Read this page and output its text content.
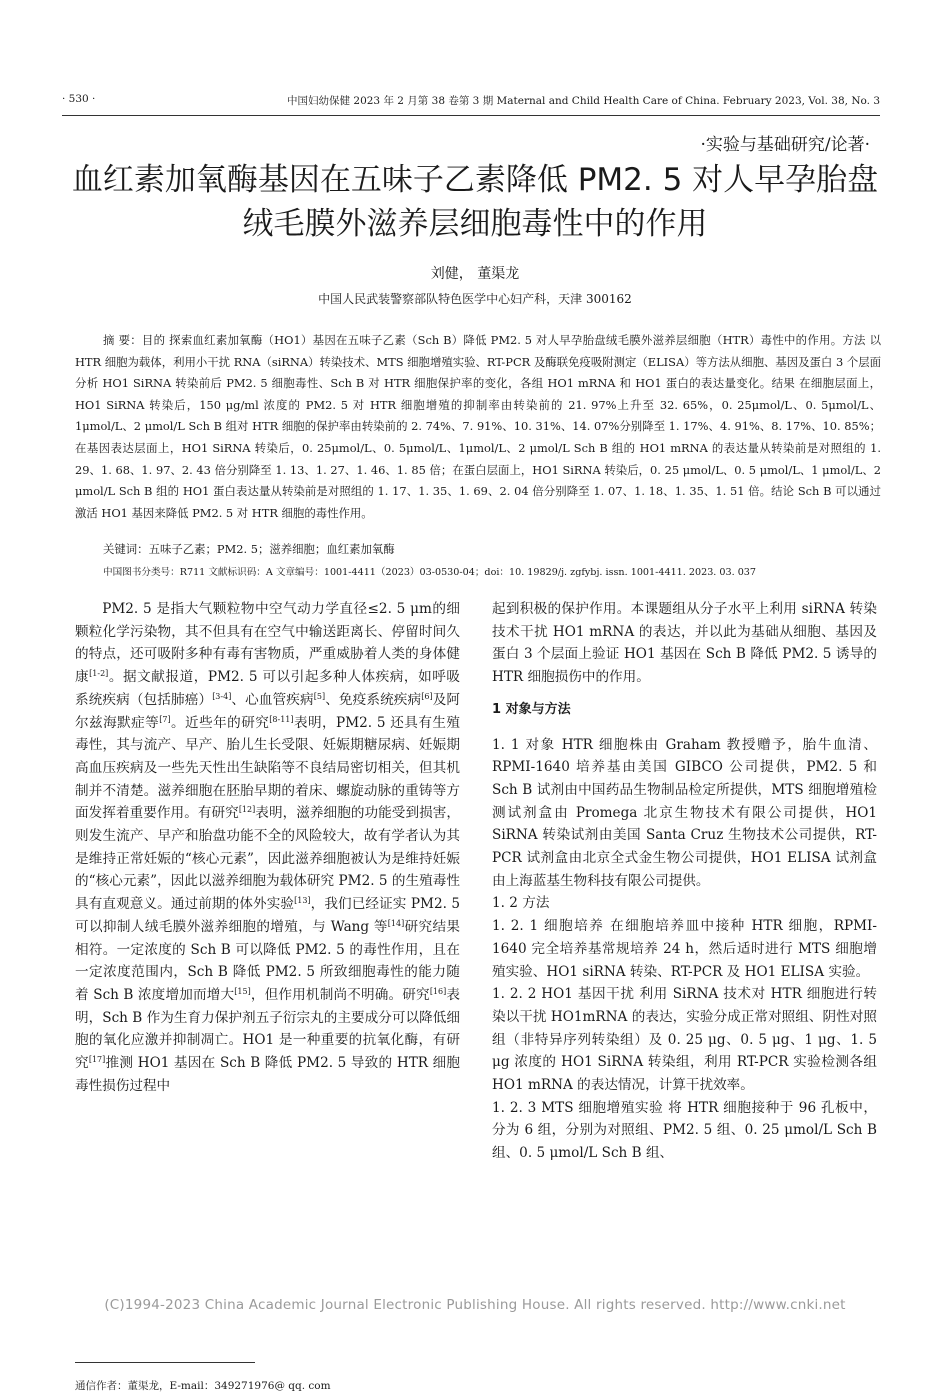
· 530 ·	中国妇幼保健 2023 年 2 月第 38 卷第 3 期 Maternal and Child Health Care of China. February 2023, Vol. 38, No. 3
·实验与基础研究/论著·
血红素加氧酶基因在五味子乙素降低 PM2. 5 对人早孕胎盘绒毛膜外滋养层细胞毒性中的作用
刘健， 董渠龙
中国人民武装警察部队特色医学中心妇产科，天津 300162
摘 要：目的 探索血红素加氧酶（HO1）基因在五味子乙素（Sch B）降低 PM2. 5 对人早孕胎盘绒毛膜外滋养层细胞（HTR）毒性中的作用。方法 以 HTR 细胞为载体，利用小干扰 RNA（siRNA）转染技术、MTS 细胞增殖实验、RT-PCR 及酶联免疫吸附测定（ELISA）等方法从细胞、基因及蛋白 3 个层面分析 HO1 SiRNA 转染前后 PM2. 5 细胞毒性、Sch B 对 HTR 细胞保护率的变化，各组 HO1 mRNA 和 HO1 蛋白的表达量变化。结果 在细胞层面上，HO1 SiRNA 转染后，150 μg/ml 浓度的 PM2. 5 对 HTR 细胞增殖的抑制率由转染前的 21. 97%上升至 32. 65%，0. 25μmol/L、0. 5μmol/L、1μmol/L、2 μmol/L Sch B 组对 HTR 细胞的保护率由转染前的 2. 74%、7. 91%、10. 31%、14. 07%分别降至 1. 17%、4. 91%、8. 17%、10. 85%；在基因表达层面上，HO1 SiRNA 转染后，0. 25μmol/L、0. 5μmol/L、1μmol/L、2 μmol/L Sch B 组的 HO1 mRNA 的表达量从转染前是对照组的 1. 29、1. 68、1. 97、2. 43 倍分别降至 1. 13、1. 27、1. 46、1. 85 倍；在蛋白层面上，HO1 SiRNA 转染后，0. 25 μmol/L、0. 5 μmol/L、1 μmol/L、2 μmol/L Sch B 组的 HO1 蛋白表达量从转染前是对照组的 1. 17、1. 35、1. 69、2. 04 倍分别降至 1. 07、1. 18、1. 35、1. 51 倍。结论 Sch B 可以通过激活 HO1 基因来降低 PM2. 5 对 HTR 细胞的毒性作用。
关键词：五味子乙素；PM2. 5；滋养细胞；血红素加氧酶
中国图书分类号：R711 文献标识码：A 文章编号：1001-4411（2023）03-0530-04；doi：10. 19829/j. zgfybj. issn. 1001-4411. 2023. 03. 037

PM2. 5 是指大气颗粒物中空气动力学直径≤2. 5 μm的细颗粒化学污染物，其不但具有在空气中输送距离长、停留时间久的特点，还可吸附多种有毒有害物质，严重威胁着人类的身体健康[1-2]。据文献报道，PM2. 5 可以引起多种人体疾病，如呼吸系统疾病（包括肺癌）[3-4]、心血管疾病[5]、免疫系统疾病[6]及阿尔兹海默症等[7]。近些年的研究[8-11]表明，PM2. 5 还具有生殖毒性，其与流产、早产、胎儿生长受限、妊娠期糖尿病、妊娠期高血压疾病及一些先天性出生缺陷等不良结局密切相关，但其机制并不清楚。滋养细胞在胚胎早期的着床、螺旋动脉的重铸等方面发挥着重要作用。有研究[12]表明，滋养细胞的功能受到损害，则发生流产、早产和胎盘功能不全的风险较大，故有学者认为其是维持正常妊娠的“核心元素”，因此滋养细胞被认为是维持妊娠的“核心元素”，因此以滋养细胞为载体研究 PM2. 5 的生殖毒性具有直观意义。通过前期的体外实验[13]，我们已经证实 PM2. 5 可以抑制人绒毛膜外滋养细胞的增殖，与 Wang 等[14]研究结果相符。一定浓度的 Sch B 可以降低 PM2. 5 的毒性作用，且在一定浓度范围内，Sch B 降低 PM2. 5 所致细胞毒性的能力随着 Sch B 浓度增加而增大[15]，但作用机制尚不明确。研究[16]表明，Sch B 作为生育力保护剂五子衍宗丸的主要成分可以降低细胞的氧化应激并抑制凋亡。HO1 是一种重要的抗氧化酶，有研究[17]推测 HO1 基因在 Sch B 降低 PM2. 5 导致的 HTR 细胞毒性损伤过程中

起到积极的保护作用。本课题组从分子水平上利用 siRNA 转染技术干扰 HO1 mRNA 的表达，并以此为基础从细胞、基因及蛋白 3 个层面上验证 HO1 基因在 Sch B 降低 PM2. 5 诱导的 HTR 细胞损伤中的作用。

1 对象与方法

1. 1 对象 HTR 细胞株由 Graham 教授赠予，胎牛血清、RPMI-1640 培养基由美国 GIBCO 公司提供，PM2. 5 和 Sch B 试剂由中国药品生物制品检定所提供，MTS 细胞增殖检测试剂盒由 Promega 北京生物技术有限公司提供，HO1 SiRNA 转染试剂由美国 Santa Cruz 生物技术公司提供，RT-PCR 试剂盒由北京全式金生物公司提供，HO1 ELISA 试剂盒由上海蓝基生物科技有限公司提供。

1. 2 方法

1. 2. 1 细胞培养 在细胞培养皿中接种 HTR 细胞，RPMI-1640 完全培养基常规培养 24 h，然后适时进行 MTS 细胞增殖实验、HO1 siRNA 转染、RT-PCR 及 HO1 ELISA 实验。

1. 2. 2 HO1 基因干扰 利用 SiRNA 技术对 HTR 细胞进行转染以干扰 HO1mRNA 的表达，实验分成正常对照组、阴性对照组（非特异序列转染组）及 0. 25 μg、0. 5 μg、1 μg、1. 5 μg 浓度的 HO1 SiRNA 转染组，利用 RT-PCR 实验检测各组 HO1 mRNA 的表达情况，计算干扰效率。

1. 2. 3 MTS 细胞增殖实验 将 HTR 细胞接种于 96 孔板中，分为 6 组，分别为对照组、PM2. 5 组、0. 25 μmol/L Sch B 组、0. 5 μmol/L Sch B 组、

通信作者：董渠龙，E-mail：349271976@ qq. com
(C)1994-2023 China Academic Journal Electronic Publishing House. All rights reserved. http://www.cnki.net
